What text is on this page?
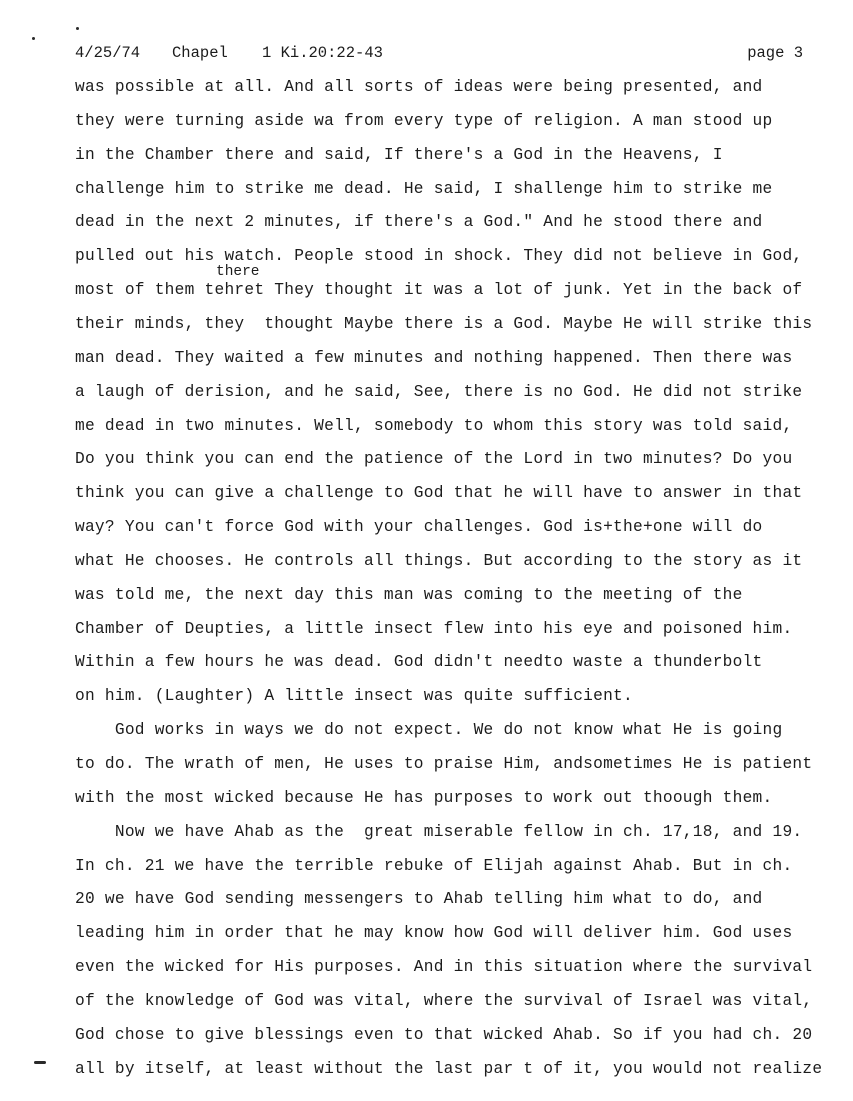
4/25/74 Chapel 1 Ki.20:22-43	page 3
there
was possible at all. And all sorts of ideas were being presented, and
they were turning aside wa from every type of religion. A man stood up
in the Chamber there and said, If there's a God in the Heavens, I
challenge him to strike me dead. He said, I shallenge him to strike me
dead in the next 2 minutes, if there's a God." And he stood there and
pulled out his watch. People stood in shock. They did not believe in God,
most of them tehret They thought it was a lot of junk. Yet in the back of
their minds, they  thought Maybe there is a God. Maybe He will strike this
man dead. They waited a few minutes and nothing happened. Then there was
a laugh of derision, and he said, See, there is no God. He did not strike
me dead in two minutes. Well, somebody to whom this story was told said,
Do you think you can end the patience of the Lord in two minutes? Do you
think you can give a challenge to God that he will have to answer in that
way? You can't force God with your challenges. God is+the+one will do
what He chooses. He controls all things. But according to the story as it
was told me, the next day this man was coming to the meeting of the
Chamber of Deupties, a little insect flew into his eye and poisoned him.
Within a few hours he was dead. God didn't needto waste a thunderbolt
on him. (Laughter) A little insect was quite sufficient.
God works in ways we do not expect. We do not know what He is going
to do. The wrath of men, He uses to praise Him, andsometimes He is patient
with the most wicked because He has purposes to work out thoough them.
Now we have Ahab as the  great miserable fellow in ch. 17,18, and 19.
In ch. 21 we have the terrible rebuke of Elijah against Ahab. But in ch.
20 we have God sending messengers to Ahab telling him what to do, and
leading him in order that he may know how God will deliver him. God uses
even the wicked for His purposes. And in this situation where the survival
of the knowledge of God was vital, where the survival of Israel was vital,
God chose to give blessings even to that wicked Ahab. So if you had ch. 20
all by itself, at least without the last par t of it, you would not realize
